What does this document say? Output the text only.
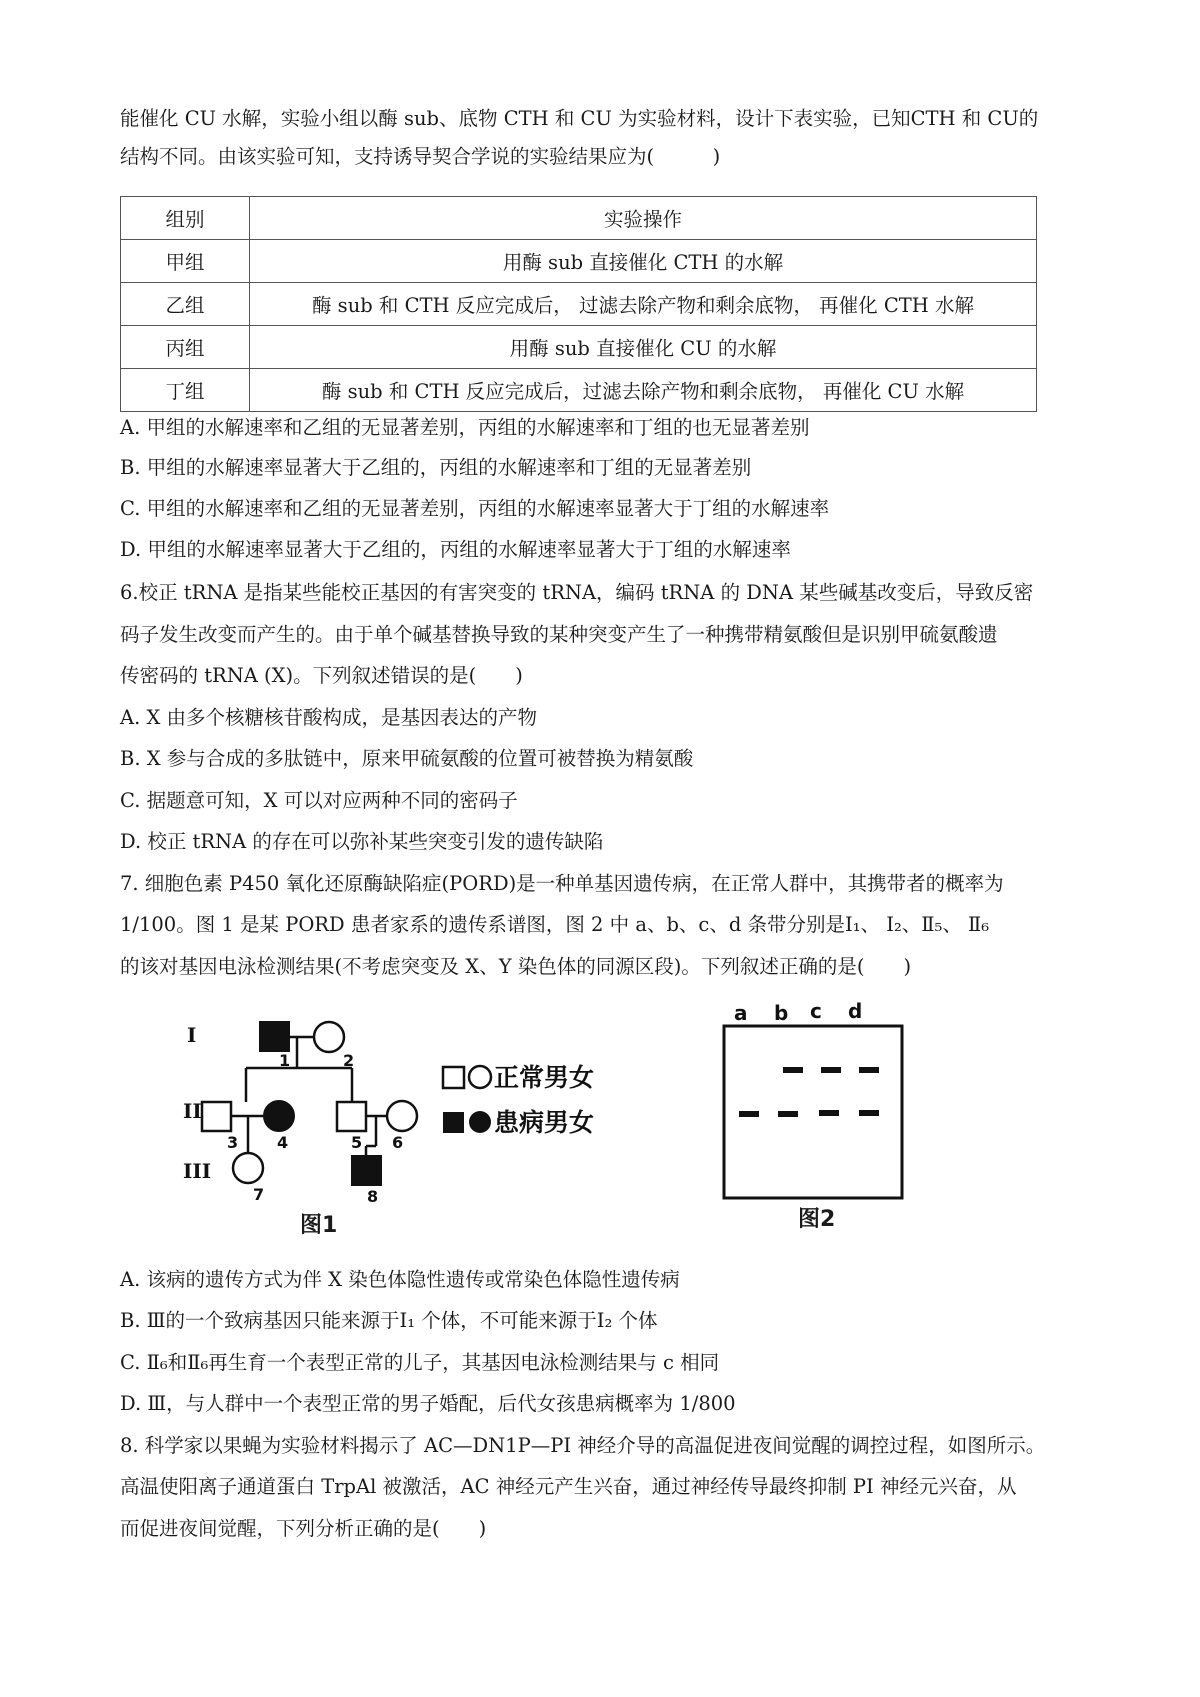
能催化 CU 水解，实验小组以酶 sub、底物 CTH 和 CU 为实验材料，设计下表实验，已知CTH 和 CU的
结构不同。由该实验可知，支持诱导契合学说的实验结果应为(　　　)
组别	实验操作
甲组	用酶 sub 直接催化 CTH 的水解
乙组	酶 sub 和 CTH 反应完成后， 过滤去除产物和剩余底物， 再催化 CTH 水解
丙组	用酶 sub 直接催化 CU 的水解
丁组	酶 sub 和 CTH 反应完成后，过滤去除产物和剩余底物， 再催化 CU 水解
A. 甲组的水解速率和乙组的无显著差别，丙组的水解速率和丁组的也无显著差别
B. 甲组的水解速率显著大于乙组的，丙组的水解速率和丁组的无显著差别
C. 甲组的水解速率和乙组的无显著差别，丙组的水解速率显著大于丁组的水解速率
D. 甲组的水解速率显著大于乙组的，丙组的水解速率显著大于丁组的水解速率
6.校正 tRNA 是指某些能校正基因的有害突变的 tRNA，编码 tRNA 的 DNA 某些碱基改变后，导致反密
码子发生改变而产生的。由于单个碱基替换导致的某种突变产生了一种携带精氨酸但是识别甲硫氨酸遗
传密码的 tRNA (X)。下列叙述错误的是(　　)
A. X 由多个核糖核苷酸构成，是基因表达的产物
B. X 参与合成的多肽链中，原来甲硫氨酸的位置可被替换为精氨酸
C. 据题意可知，X 可以对应两种不同的密码子
D. 校正 tRNA 的存在可以弥补某些突变引发的遗传缺陷
7. 细胞色素 P450 氧化还原酶缺陷症(PORD)是一种单基因遗传病，在正常人群中，其携带者的概率为
1/100。图 1 是某 PORD 患者家系的遗传系谱图，图 2 中 a、b、c、d 条带分别是Ⅰ₁、 Ⅰ₂、Ⅱ₅、 Ⅱ₆
的该对基因电泳检测结果(不考虑突变及 X、Y 染色体的同源区段)。下列叙述正确的是(　　)
I
II
III
1	2
3 4	5 6
7	8
正常男女
患病男女
图1
a b c d
图2
A. 该病的遗传方式为伴 X 染色体隐性遗传或常染色体隐性遗传病
B. Ⅲ的一个致病基因只能来源于Ⅰ₁ 个体，不可能来源于Ⅰ₂ 个体
C. Ⅱ₆和Ⅱ₆再生育一个表型正常的儿子，其基因电泳检测结果与 c 相同
D. Ⅲ，与人群中一个表型正常的男子婚配，后代女孩患病概率为 1/800
8. 科学家以果蝇为实验材料揭示了 AC—DN1P—PI 神经介导的高温促进夜间觉醒的调控过程，如图所示。
高温使阳离子通道蛋白 TrpAl 被激活，AC 神经元产生兴奋，通过神经传导最终抑制 PI 神经元兴奋，从
而促进夜间觉醒，下列分析正确的是(　　)
